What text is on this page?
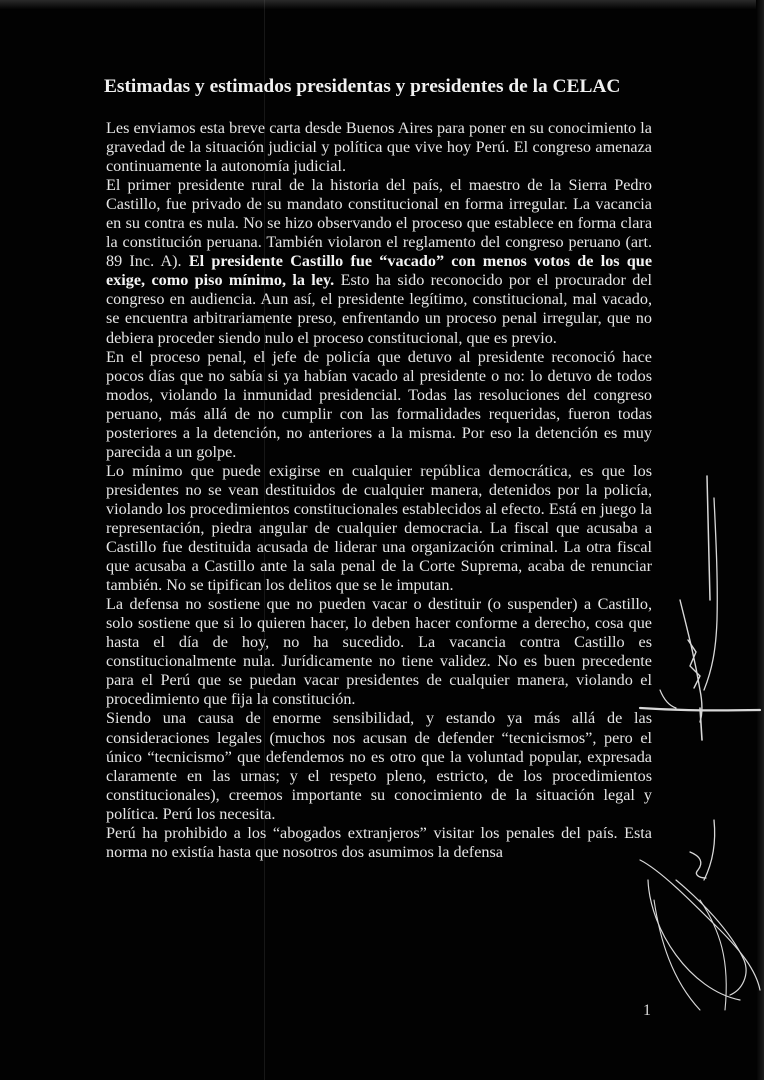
Estimadas y estimados presidentas y presidentes de la CELAC

Les enviamos esta breve carta desde Buenos Aires para poner en su conocimiento la gravedad de la situación judicial y política que vive hoy Perú. El congreso amenaza continuamente la autonomía judicial.

El primer presidente rural de la historia del país, el maestro de la Sierra Pedro Castillo, fue privado de su mandato constitucional en forma irregular. La vacancia en su contra es nula. No se hizo observando el proceso que establece en forma clara la constitución peruana. También violaron el reglamento del congreso peruano (art. 89 Inc. A). El presidente Castillo fue “vacado” con menos votos de los que exige, como piso mínimo, la ley. Esto ha sido reconocido por el procurador del congreso en audiencia. Aun así, el presidente legítimo, constitucional, mal vacado, se encuentra arbitrariamente preso, enfrentando un proceso penal irregular, que no debiera proceder siendo nulo el proceso constitucional, que es previo.

En el proceso penal, el jefe de policía que detuvo al presidente reconoció hace pocos días que no sabía si ya habían vacado al presidente o no: lo detuvo de todos modos, violando la inmunidad presidencial. Todas las resoluciones del congreso peruano, más allá de no cumplir con las formalidades requeridas, fueron todas posteriores a la detención, no anteriores a la misma. Por eso la detención es muy parecida a un golpe.

Lo mínimo que puede exigirse en cualquier república democrática, es que los presidentes no se vean destituidos de cualquier manera, detenidos por la policía, violando los procedimientos constitucionales establecidos al efecto. Está en juego la representación, piedra angular de cualquier democracia. La fiscal que acusaba a Castillo fue destituida acusada de liderar una organización criminal. La otra fiscal que acusaba a Castillo ante la sala penal de la Corte Suprema, acaba de renunciar también. No se tipifican los delitos que se le imputan.

La defensa no sostiene que no pueden vacar o destituir (o suspender) a Castillo, solo sostiene que si lo quieren hacer, lo deben hacer conforme a derecho, cosa que hasta el día de hoy, no ha sucedido. La vacancia contra Castillo es constitucionalmente nula. Jurídicamente no tiene validez. No es buen precedente para el Perú que se puedan vacar presidentes de cualquier manera, violando el procedimiento que fija la constitución.

Siendo una causa de enorme sensibilidad, y estando ya más allá de las consideraciones legales (muchos nos acusan de defender “tecnicismos”, pero el único “tecnicismo” que defendemos no es otro que la voluntad popular, expresada claramente en las urnas; y el respeto pleno, estricto, de los procedimientos constitucionales), creemos importante su conocimiento de la situación legal y política. Perú los necesita.

Perú ha prohibido a los “abogados extranjeros” visitar los penales del país. Esta norma no existía hasta que nosotros dos asumimos la defensa

1
